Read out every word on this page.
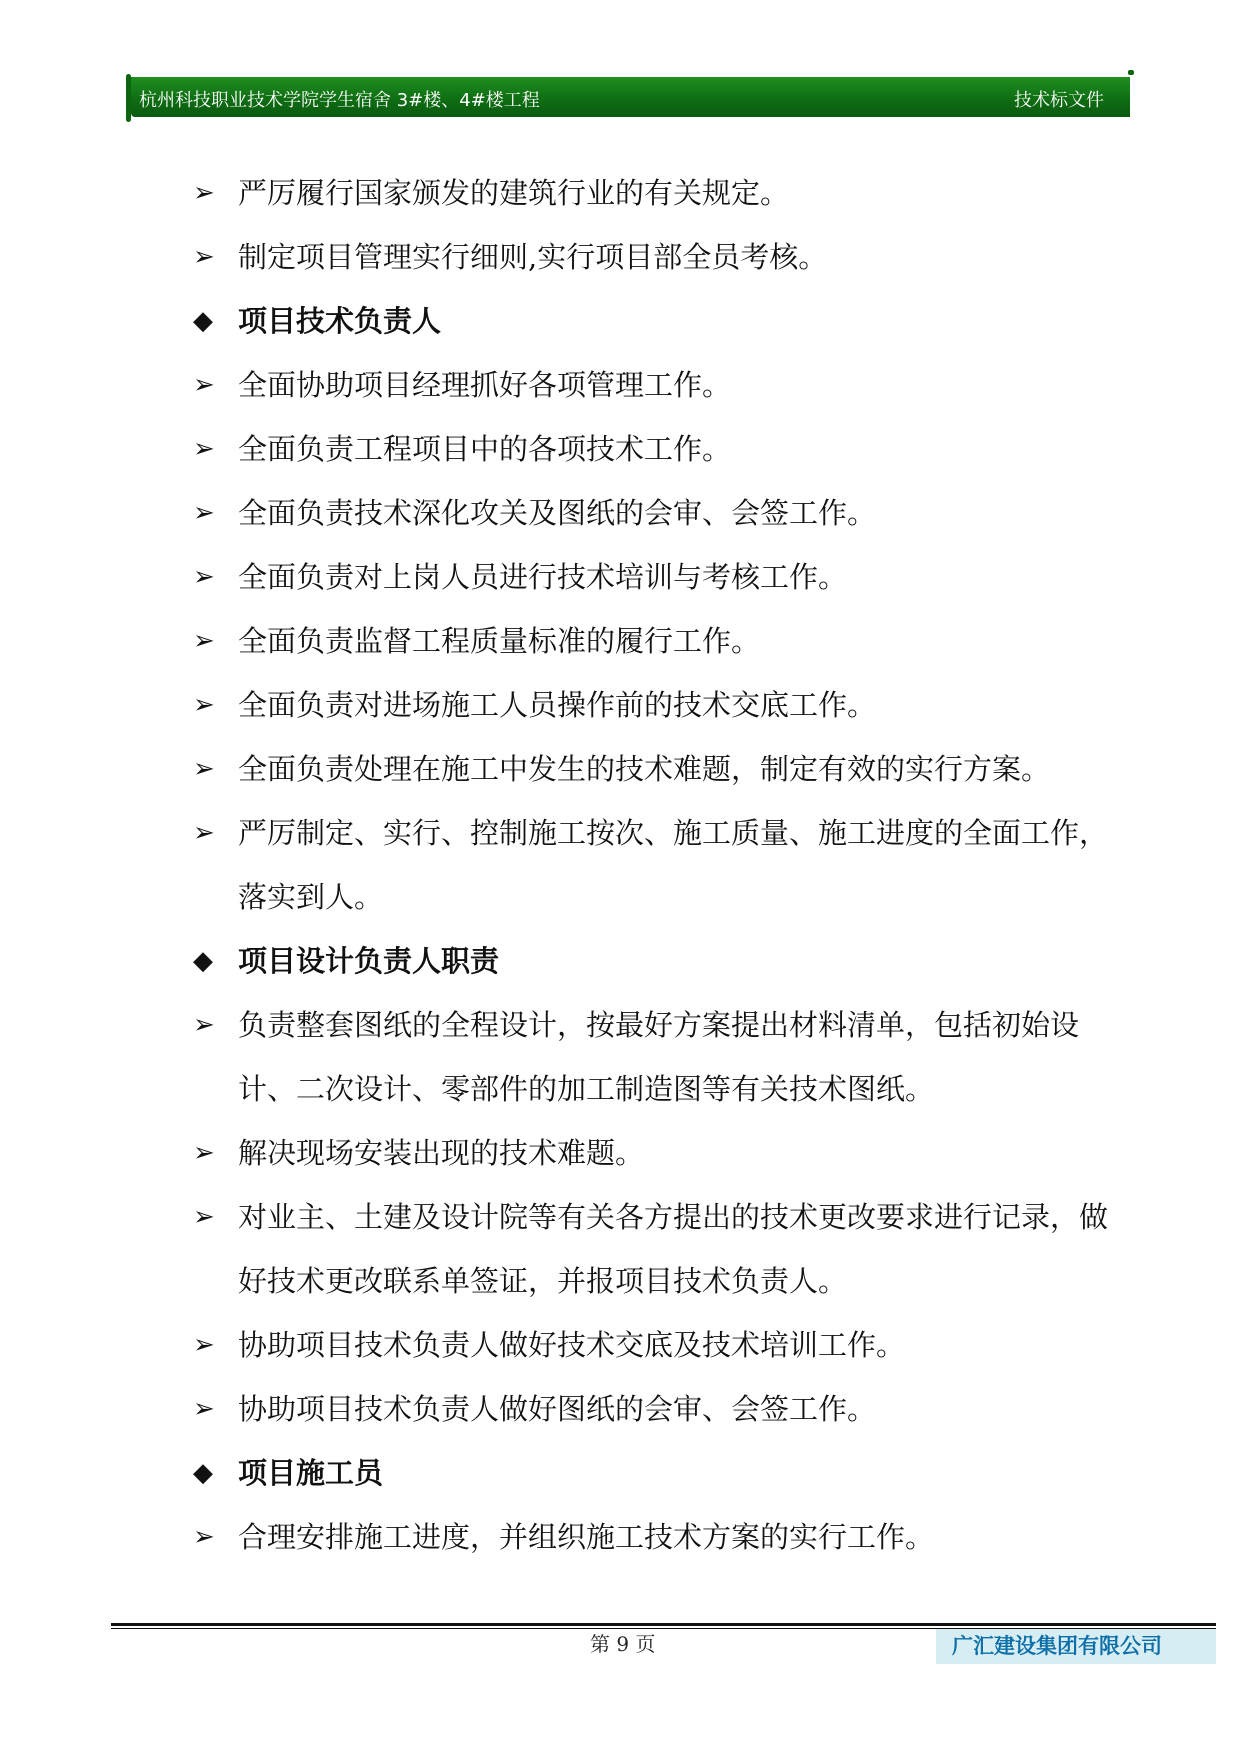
杭州科技职业技术学院学生宿舍 3#楼、4#楼工程	技术标文件
➢ 严厉履行国家颁发的建筑行业的有关规定。
➢ 制定项目管理实行细则,实行项目部全员考核。
◆ 项目技术负责人
➢ 全面协助项目经理抓好各项管理工作。
➢ 全面负责工程项目中的各项技术工作。
➢ 全面负责技术深化攻关及图纸的会审、会签工作。
➢ 全面负责对上岗人员进行技术培训与考核工作。
➢ 全面负责监督工程质量标准的履行工作。
➢ 全面负责对进场施工人员操作前的技术交底工作。
➢ 全面负责处理在施工中发生的技术难题，制定有效的实行方案。
➢ 严厉制定、实行、控制施工按次、施工质量、施工进度的全面工作，落实到人。
◆ 项目设计负责人职责
➢ 负责整套图纸的全程设计，按最好方案提出材料清单，包括初始设计、二次设计、零部件的加工制造图等有关技术图纸。
➢ 解决现场安装出现的技术难题。
➢ 对业主、土建及设计院等有关各方提出的技术更改要求进行记录，做好技术更改联系单签证，并报项目技术负责人。
➢ 协助项目技术负责人做好技术交底及技术培训工作。
➢ 协助项目技术负责人做好图纸的会审、会签工作。
◆ 项目施工员
➢ 合理安排施工进度，并组织施工技术方案的实行工作。
第 9 页	广汇建设集团有限公司
